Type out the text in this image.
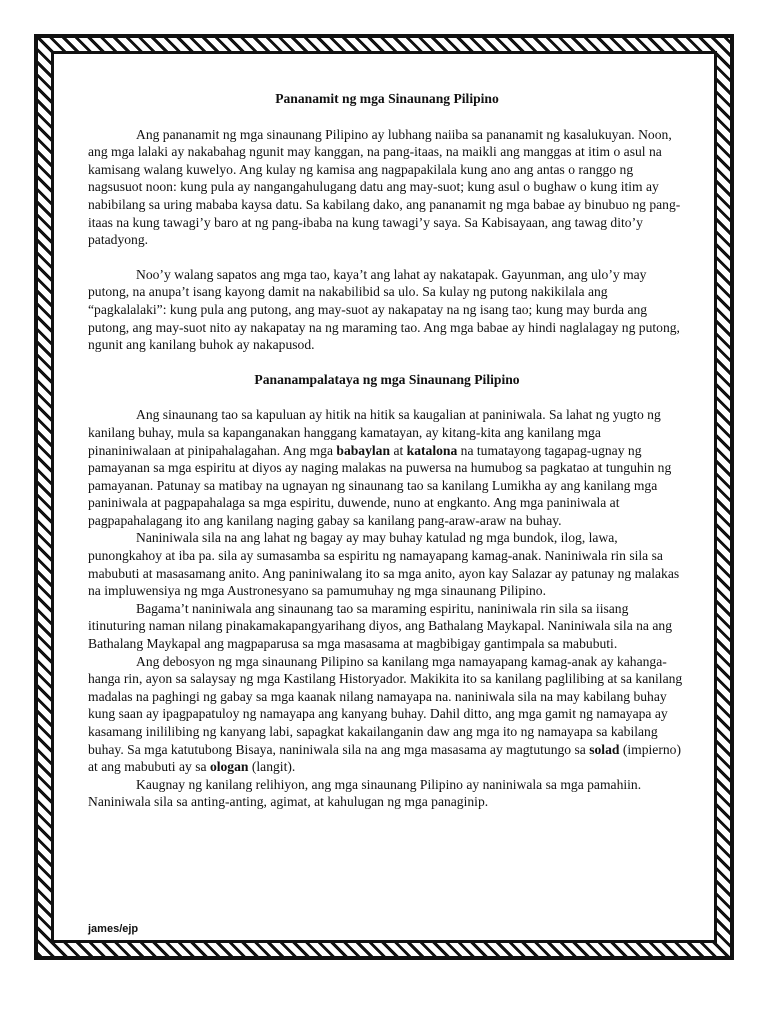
Pananamit ng mga Sinaunang Pilipino

Ang pananamit ng mga sinaunang Pilipino ay lubhang naiiba sa pananamit ng kasalukuyan. Noon, ang mga lalaki ay nakabahag ngunit may kanggan, na pang-itaas, na maikli ang manggas at itim o asul na kamisang walang kuwelyo. Ang kulay ng kamisa ang nagpapakilala kung ano ang antas o ranggo ng nagsusuot noon: kung pula ay nangangahulugang datu ang may-suot; kung asul o bughaw o kung itim ay nabibilang sa uring mababa kaysa datu. Sa kabilang dako, ang pananamit ng mga babae ay binubuo ng pang-itaas na kung tawagi’y baro at ng pang-ibaba na kung tawagi’y saya. Sa Kabisayaan, ang tawag dito’y patadyong.

Noo’y walang sapatos ang mga tao, kaya’t ang lahat ay nakatapak. Gayunman, ang ulo’y may putong, na anupa’t isang kayong damit na nakabilibid sa ulo. Sa kulay ng putong nakikilala ang “pagkalalaki”: kung pula ang putong, ang may-suot ay nakapatay na ng isang tao; kung may burda ang putong, ang may-suot nito ay nakapatay na ng maraming tao. Ang mga babae ay hindi naglalagay ng putong, ngunit ang kanilang buhok ay nakapusod.

Pananampalataya ng mga Sinaunang Pilipino

Ang sinaunang tao sa kapuluan ay hitik na hitik sa kaugalian at paniniwala. Sa lahat ng yugto ng kanilang buhay, mula sa kapanganakan hanggang kamatayan, ay kitang-kita ang kanilang mga pinaniniwalaan at pinipahalagahan. Ang mga babaylan at katalona na tumatayong tagapag-ugnay ng pamayanan sa mga espiritu at diyos ay naging malakas na puwersa na humubog sa pagkatao at tunguhin ng pamayanan. Patunay sa matibay na ugnayan ng sinaunang tao sa kanilang Lumikha ay ang kanilang mga paniniwala at pagpapahalaga sa mga espiritu, duwende, nuno at engkanto. Ang mga paniniwala at pagpapahalagang ito ang kanilang naging gabay sa kanilang pang-araw-araw na buhay.

Naniniwala sila na ang lahat ng bagay ay may buhay katulad ng mga bundok, ilog, lawa, punongkahoy at iba pa. sila ay sumasamba sa espiritu ng namayapang kamag-anak. Naniniwala rin sila sa mabubuti at masasamang anito. Ang paniniwalang ito sa mga anito, ayon kay Salazar ay patunay ng malakas na impluwensiya ng mga Austronesyano sa pamumuhay ng mga sinaunang Pilipino.

Bagama’t naniniwala ang sinaunang tao sa maraming espiritu, naniniwala rin sila sa iisang itinuturing naman nilang pinakamakapangyarihang diyos, ang Bathalang Maykapal. Naniniwala sila na ang Bathalang Maykapal ang magpaparusa sa mga masasama at magbibigay gantimpala sa mabubuti.

Ang debosyon ng mga sinaunang Pilipino sa kanilang mga namayapang kamag-anak ay kahanga-hanga rin, ayon sa salaysay ng mga Kastilang Historyador. Makikita ito sa kanilang paglilibing at sa kanilang madalas na paghingi ng gabay sa mga kaanak nilang namayapa na. naniniwala sila na may kabilang buhay kung saan ay ipagpapatuloy ng namayapa ang kanyang buhay. Dahil ditto, ang mga gamit ng namayapa ay kasamang inililibing ng kanyang labi, sapagkat kakailanganin daw ang mga ito ng namayapa sa kabilang buhay. Sa mga katutubong Bisaya, naniniwala sila na ang mga masasama ay magtutungo sa solad (impierno) at ang mabubuti ay sa ologan (langit).

Kaugnay ng kanilang relihiyon, ang mga sinaunang Pilipino ay naniniwala sa mga pamahiin. Naniniwala sila sa anting-anting, agimat, at kahulugan ng mga panaginip.

james/ejp
